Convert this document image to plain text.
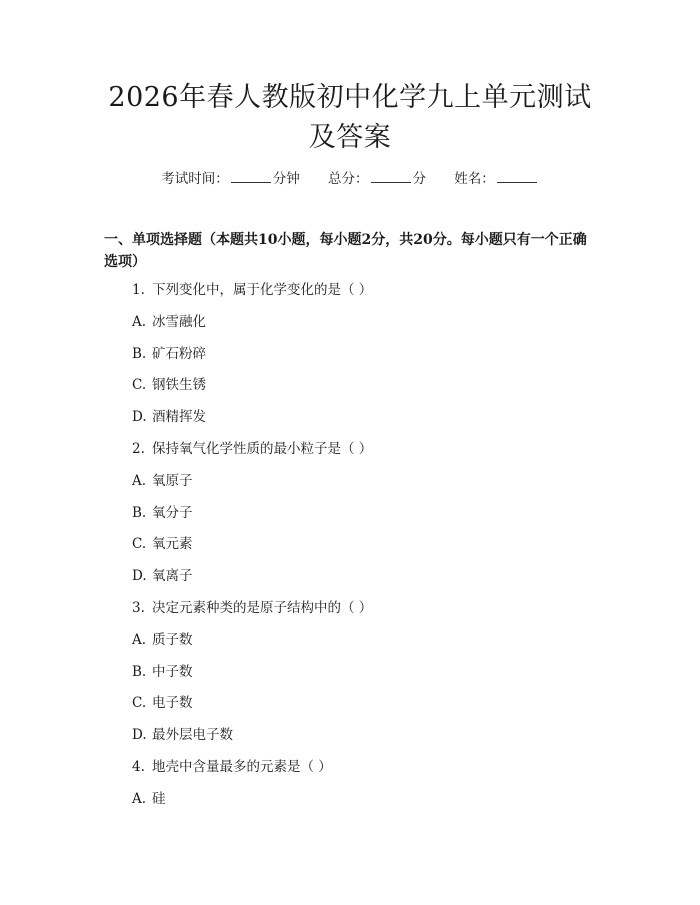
2026年春人教版初中化学九上单元测试及答案
考试时间：	分钟 总分：	分 姓名：

一、单项选择题（本题共10小题，每小题2分，共20分。每小题只有一个正确选项）

1. 下列变化中，属于化学变化的是（ ）
A. 冰雪融化
B. 矿石粉碎
C. 钢铁生锈
D. 酒精挥发
2. 保持氧气化学性质的最小粒子是（ ）
A. 氧原子
B. 氧分子
C. 氧元素
D. 氧离子
3. 决定元素种类的是原子结构中的（ ）
A. 质子数
B. 中子数
C. 电子数
D. 最外层电子数
4. 地壳中含量最多的元素是（ ）
A. 硅
